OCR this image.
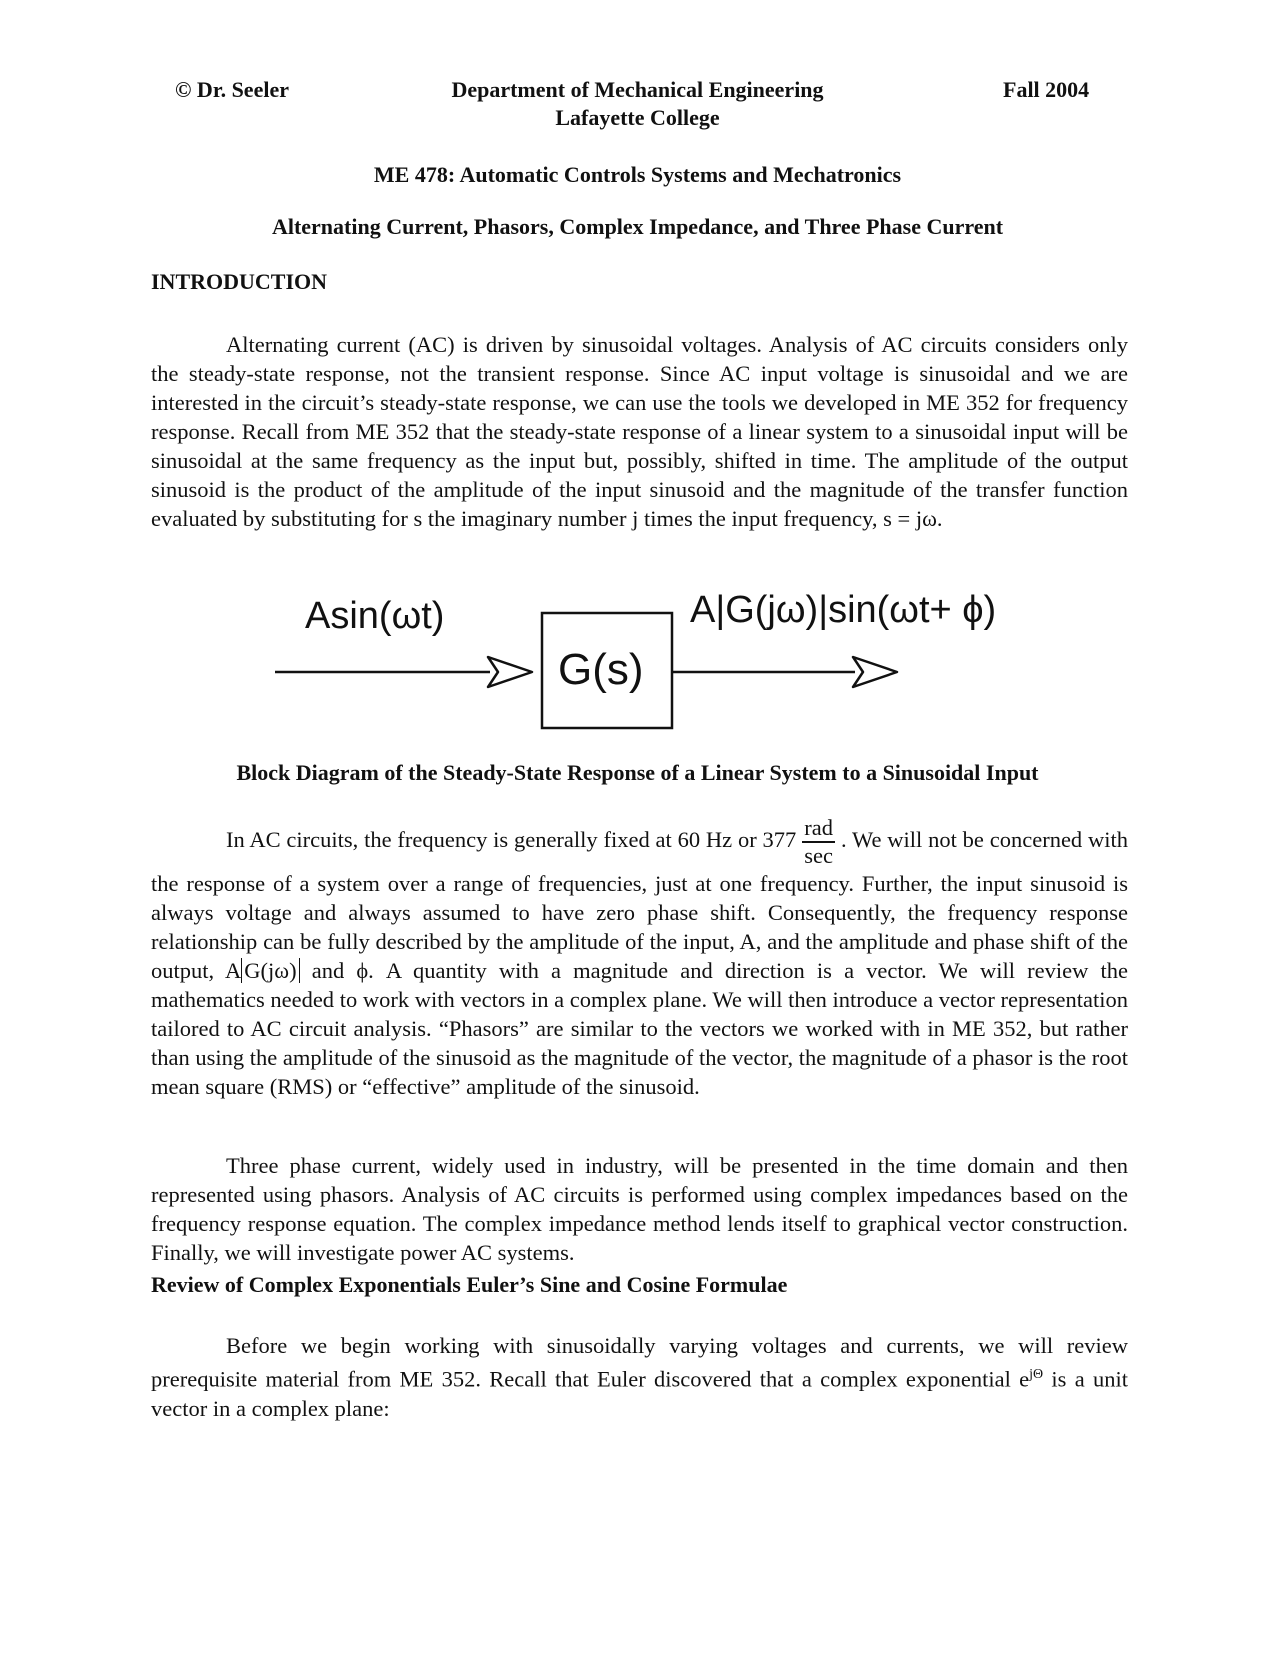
© Dr. Seeler	Department of Mechanical Engineering	Fall 2004
Lafayette College
ME 478: Automatic Controls Systems and Mechatronics
Alternating Current, Phasors, Complex Impedance, and Three Phase Current
INTRODUCTION
Alternating current (AC) is driven by sinusoidal voltages. Analysis of AC circuits considers only the steady-state response, not the transient response. Since AC input voltage is sinusoidal and we are interested in the circuit’s steady-state response, we can use the tools we developed in ME 352 for frequency response. Recall from ME 352 that the steady-state response of a linear system to a sinusoidal input will be sinusoidal at the same frequency as the input but, possibly, shifted in time. The amplitude of the output sinusoid is the product of the amplitude of the input sinusoid and the magnitude of the transfer function evaluated by substituting for s the imaginary number j times the input frequency, s = jω.
Asin(ωt)
G(s)
A|G(jω)|sin(ωt+ ϕ)
Block Diagram of the Steady-State Response of a Linear System to a Sinusoidal Input
In AC circuits, the frequency is generally fixed at 60 Hz or $377 \frac{\text{rad}}{\sec}$ . We will not be concerned with the response of a system over a range of frequencies, just at one frequency. Further, the input sinusoid is always voltage and always assumed to have zero phase shift. Consequently, the frequency response relationship can be fully described by the amplitude of the input, A, and the amplitude and phase shift of the output, A G(jω) and ϕ. A quantity with a magnitude and direction is a vector. We will review the mathematics needed to work with vectors in a complex plane. We will then introduce a vector representation tailored to AC circuit analysis. “Phasors” are similar to the vectors we worked with in ME 352, but rather than using the amplitude of the sinusoid as the magnitude of the vector, the magnitude of a phasor is the root mean square (RMS) or “effective” amplitude of the sinusoid.
Three phase current, widely used in industry, will be presented in the time domain and then represented using phasors. Analysis of AC circuits is performed using complex impedances based on the frequency response equation. The complex impedance method lends itself to graphical vector construction. Finally, we will investigate power AC systems.
Review of Complex Exponentials Euler’s Sine and Cosine Formulae
Before we begin working with sinusoidally varying voltages and currents, we will review prerequisite material from ME 352. Recall that Euler discovered that a complex exponential $e^{j\Theta}$ is a unit vector in a complex plane:
